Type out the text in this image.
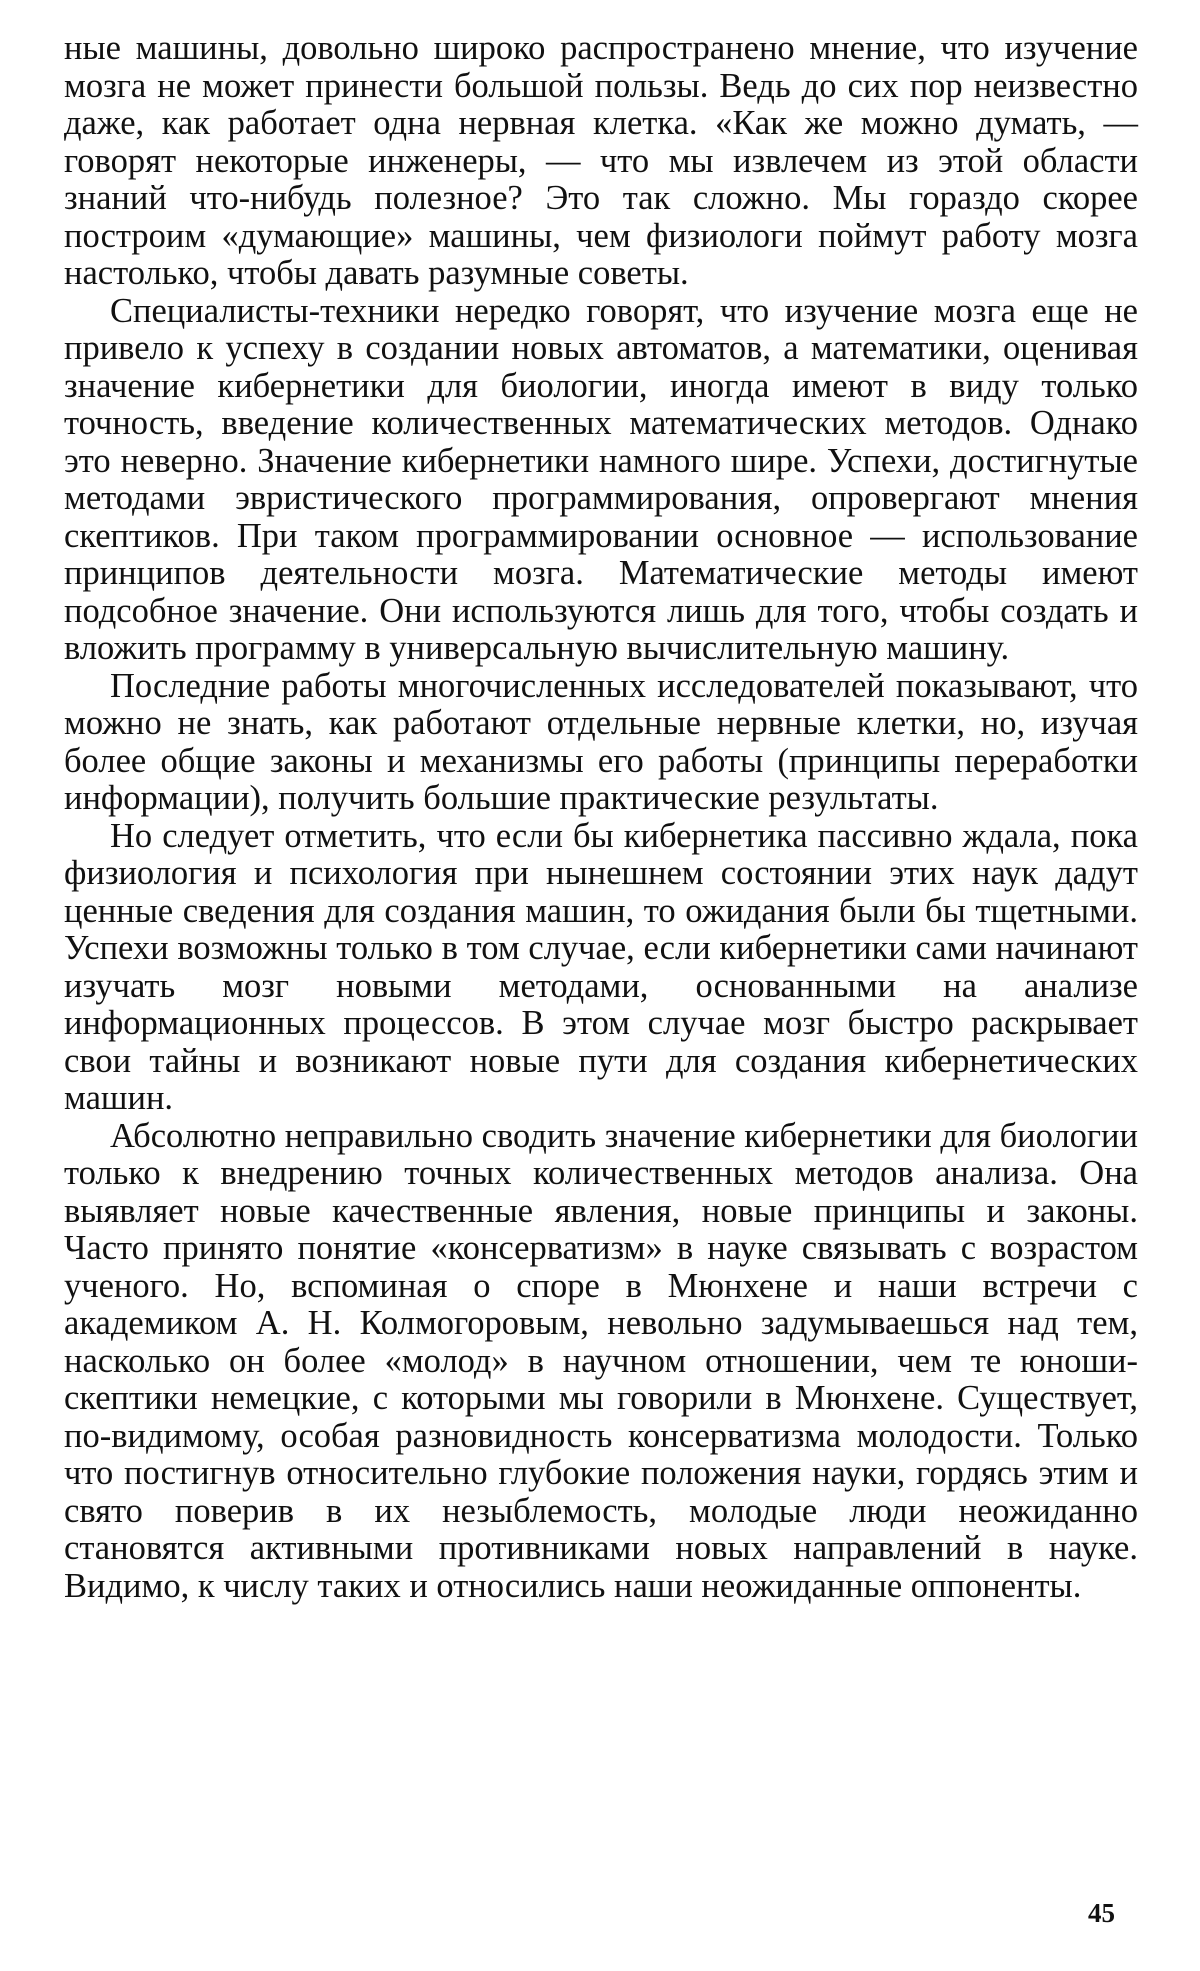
ные машины, довольно широко распространено мнение, что изучение мозга не может принести большой пользы. Ведь до сих пор неизвестно даже, как работает одна нервная клетка. «Как же можно думать, — говорят некоторые инженеры, — что мы извлечем из этой области знаний что-нибудь полезное? Это так сложно. Мы гораздо скорее построим «думающие» машины, чем физиологи поймут работу мозга настолько, чтобы давать разумные советы.

Специалисты-техники нередко говорят, что изучение мозга еще не привело к успеху в создании новых автоматов, а математики, оценивая значение кибернетики для биологии, иногда имеют в виду только точность, введение количественных математических методов. Однако это неверно. Значение кибернетики намного шире. Успехи, достигнутые методами эвристического программирования, опровергают мнения скептиков. При таком программировании основное — использование принципов деятельности мозга. Математические методы имеют подсобное значение. Они используются лишь для того, чтобы создать и вложить программу в универсальную вычислительную машину.

Последние работы многочисленных исследователей показывают, что можно не знать, как работают отдельные нервные клетки, но, изучая более общие законы и механизмы его работы (принципы переработки информации), получить большие практические результаты.

Но следует отметить, что если бы кибернетика пассивно ждала, пока физиология и психология при нынешнем состоянии этих наук дадут ценные сведения для создания машин, то ожидания были бы тщетными. Успехи возможны только в том случае, если кибернетики сами начинают изучать мозг новыми методами, основанными на анализе информационных процессов. В этом случае мозг быстро раскрывает свои тайны и возникают новые пути для создания кибернетических машин.

Абсолютно неправильно сводить значение кибернетики для биологии только к внедрению точных количественных методов анализа. Она выявляет новые качественные явления, новые принципы и законы. Часто принято понятие «консерватизм» в науке связывать с возрастом ученого. Но, вспоминая о споре в Мюнхене и наши встречи с академиком А. Н. Колмогоровым, невольно задумываешься над тем, насколько он более «молод» в научном отношении, чем те юноши-скептики немецкие, с которыми мы говорили в Мюнхене. Существует, по-видимому, особая разновидность консерватизма молодости. Только что постигнув относительно глубокие положения науки, гордясь этим и свято поверив в их незыблемость, молодые люди неожиданно становятся активными противниками новых направлений в науке. Видимо, к числу таких и относились наши неожиданные оппоненты.

45
